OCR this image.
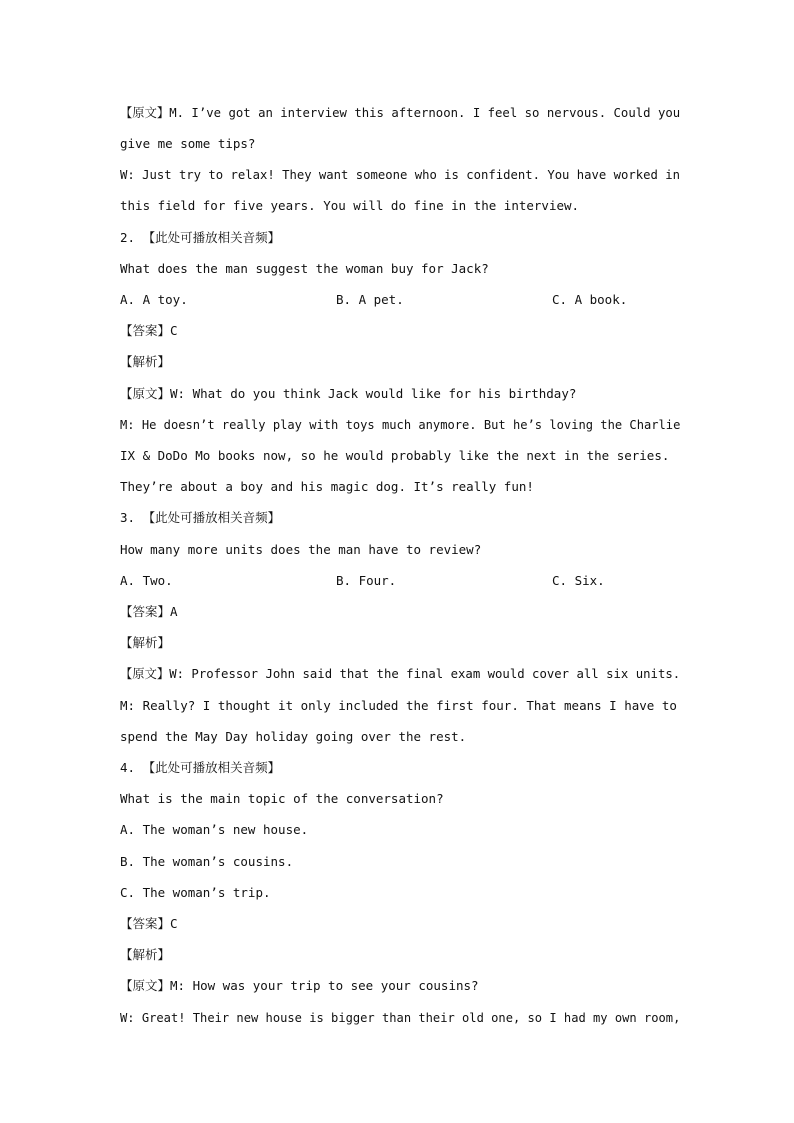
【原文】M. I’ve got an interview this afternoon. I feel so nervous. Could you
give me some tips?
W: Just try to relax! They want someone who is confident. You have worked in
this field for five years. You will do fine in the interview.
2. 【此处可播放相关音频】
What does the man suggest the woman buy for Jack?
A. A toy.	B. A pet.	C. A book.
【答案】C
【解析】
【原文】W: What do you think Jack would like for his birthday?
M: He doesn’t really play with toys much anymore. But he’s loving the Charlie
IX & DoDo Mo books now, so he would probably like the next in the series.
They’re about a boy and his magic dog. It’s really fun!
3. 【此处可播放相关音频】
How many more units does the man have to review?
A. Two.	B. Four.	C. Six.
【答案】A
【解析】
【原文】W: Professor John said that the final exam would cover all six units.
M: Really? I thought it only included the first four. That means I have to
spend the May Day holiday going over the rest.
4. 【此处可播放相关音频】
What is the main topic of the conversation?
A. The woman’s new house.
B. The woman’s cousins.
C. The woman’s trip.
【答案】C
【解析】
【原文】M: How was your trip to see your cousins?
W: Great! Their new house is bigger than their old one, so I had my own room,
